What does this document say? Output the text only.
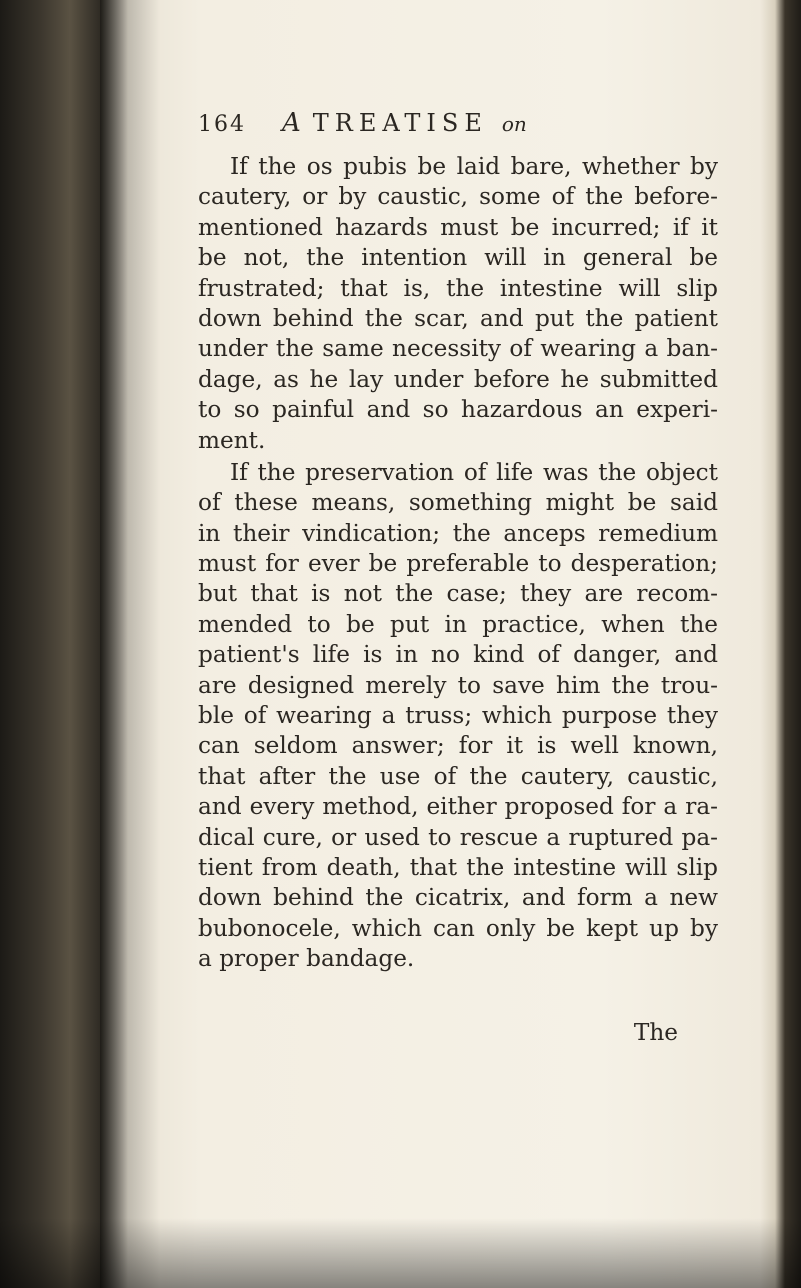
164 A TREATISE on
If the os pubis be laid bare, whether by
cautery, or by caustic, some of the before-
mentioned hazards must be incurred; if it
be not, the intention will in general be
frustrated; that is, the intestine will slip
down behind the scar, and put the patient
under the same necessity of wearing a ban-
dage, as he lay under before he submitted
to so painful and so hazardous an experi-
ment.
If the preservation of life was the object
of these means, something might be said
in their vindication; the anceps remedium
must for ever be preferable to desperation;
but that is not the case; they are recom-
mended to be put in practice, when the
patient's life is in no kind of danger, and
are designed merely to save him the trou-
ble of wearing a truss; which purpose they
can seldom answer; for it is well known,
that after the use of the cautery, caustic,
and every method, either proposed for a ra-
dical cure, or used to rescue a ruptured pa-
tient from death, that the intestine will slip
down behind the cicatrix, and form a new
bubonocele, which can only be kept up by
a proper bandage.
The
